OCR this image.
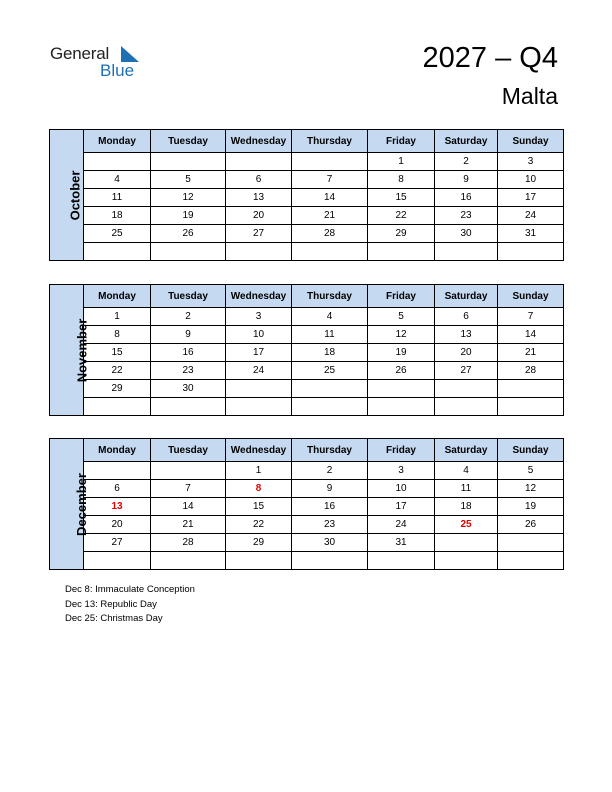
General
Blue	2027 – Q4
Malta
October	Monday	Tuesday	Wednesday	Thursday	Friday	Saturday	Sunday
					1	2	3
	4	5	6	7	8	9	10
	11	12	13	14	15	16	17
	18	19	20	21	22	23	24
	25	26	27	28	29	30	31

November	Monday	Tuesday	Wednesday	Thursday	Friday	Saturday	Sunday
	1	2	3	4	5	6	7
	8	9	10	11	12	13	14
	15	16	17	18	19	20	21
	22	23	24	25	26	27	28
	29	30					

December	Monday	Tuesday	Wednesday	Thursday	Friday	Saturday	Sunday
			1	2	3	4	5
	6	7	8	9	10	11	12
	13	14	15	16	17	18	19
	20	21	22	23	24	25	26
	27	28	29	30	31		

Dec 8: Immaculate Conception
Dec 13: Republic Day
Dec 25: Christmas Day
